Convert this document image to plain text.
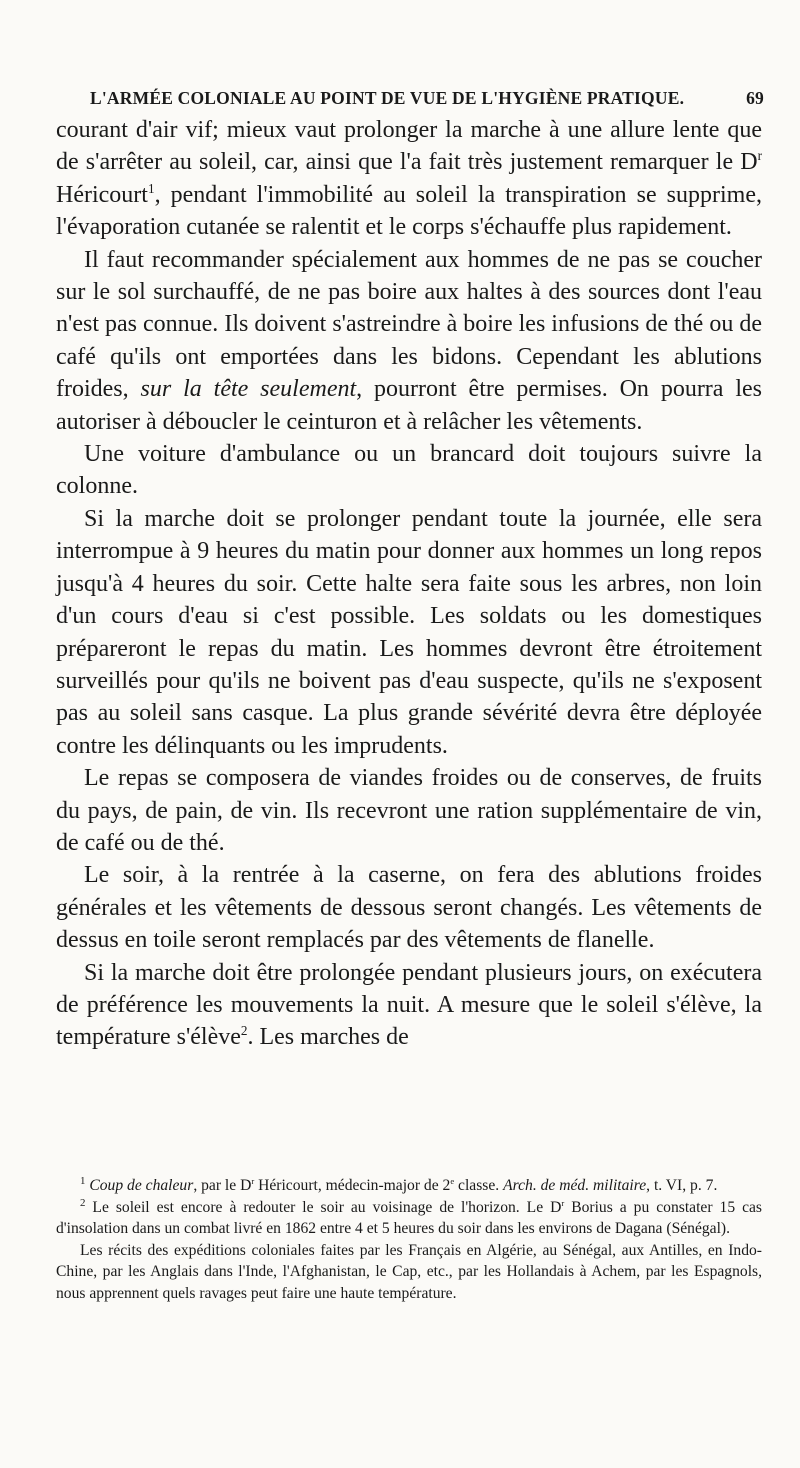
L'ARMÉE COLONIALE AU POINT DE VUE DE L'HYGIÈNE PRATIQUE.	69

courant d'air vif; mieux vaut prolonger la marche à une allure lente que de s'arrêter au soleil, car, ainsi que l'a fait très justement remarquer le $D^r$ Héricourt$^1$, pendant l'immobilité au soleil la transpiration se supprime, l'évaporation cutanée se ralentit et le corps s'échauffe plus rapidement.

Il faut recommander spécialement aux hommes de ne pas se coucher sur le sol surchauffé, de ne pas boire aux haltes à des sources dont l'eau n'est pas connue. Ils doivent s'astreindre à boire les infusions de thé ou de café qu'ils ont emportées dans les bidons. Cependant les ablutions froides, sur la tête seulement, pourront être permises. On pourra les autoriser à déboucler le ceinturon et à relâcher les vêtements.

Une voiture d'ambulance ou un brancard doit toujours suivre la colonne.

Si la marche doit se prolonger pendant toute la journée, elle sera interrompue à 9 heures du matin pour donner aux hommes un long repos jusqu'à 4 heures du soir. Cette halte sera faite sous les arbres, non loin d'un cours d'eau si c'est possible. Les soldats ou les domestiques prépareront le repas du matin. Les hommes devront être étroitement surveillés pour qu'ils ne boivent pas d'eau suspecte, qu'ils ne s'exposent pas au soleil sans casque. La plus grande sévérité devra être déployée contre les délinquants ou les imprudents.

Le repas se composera de viandes froides ou de conserves, de fruits du pays, de pain, de vin. Ils recevront une ration supplémentaire de vin, de café ou de thé.

Le soir, à la rentrée à la caserne, on fera des ablutions froides générales et les vêtements de dessous seront changés. Les vêtements de dessus en toile seront remplacés par des vêtements de flanelle.

Si la marche doit être prolongée pendant plusieurs jours, on exécutera de préférence les mouvements la nuit. A mesure que le soleil s'élève, la température s'élève$^2$. Les marches de

$^1$ Coup de chaleur, par le $D^r$ Héricourt, médecin-major de 2e classe. Arch. de méd. militaire, t. VI, p. 7.

$^2$ Le soleil est encore à redouter le soir au voisinage de l'horizon. Le $D^r$ Borius a pu constater 15 cas d'insolation dans un combat livré en 1862 entre 4 et 5 heures du soir dans les environs de Dagana (Sénégal).

Les récits des expéditions coloniales faites par les Français en Algérie, au Sénégal, aux Antilles, en Indo-Chine, par les Anglais dans l'Inde, l'Afghanistan, le Cap, etc., par les Hollandais à Achem, par les Espagnols, nous apprennent quels ravages peut faire une haute température.
